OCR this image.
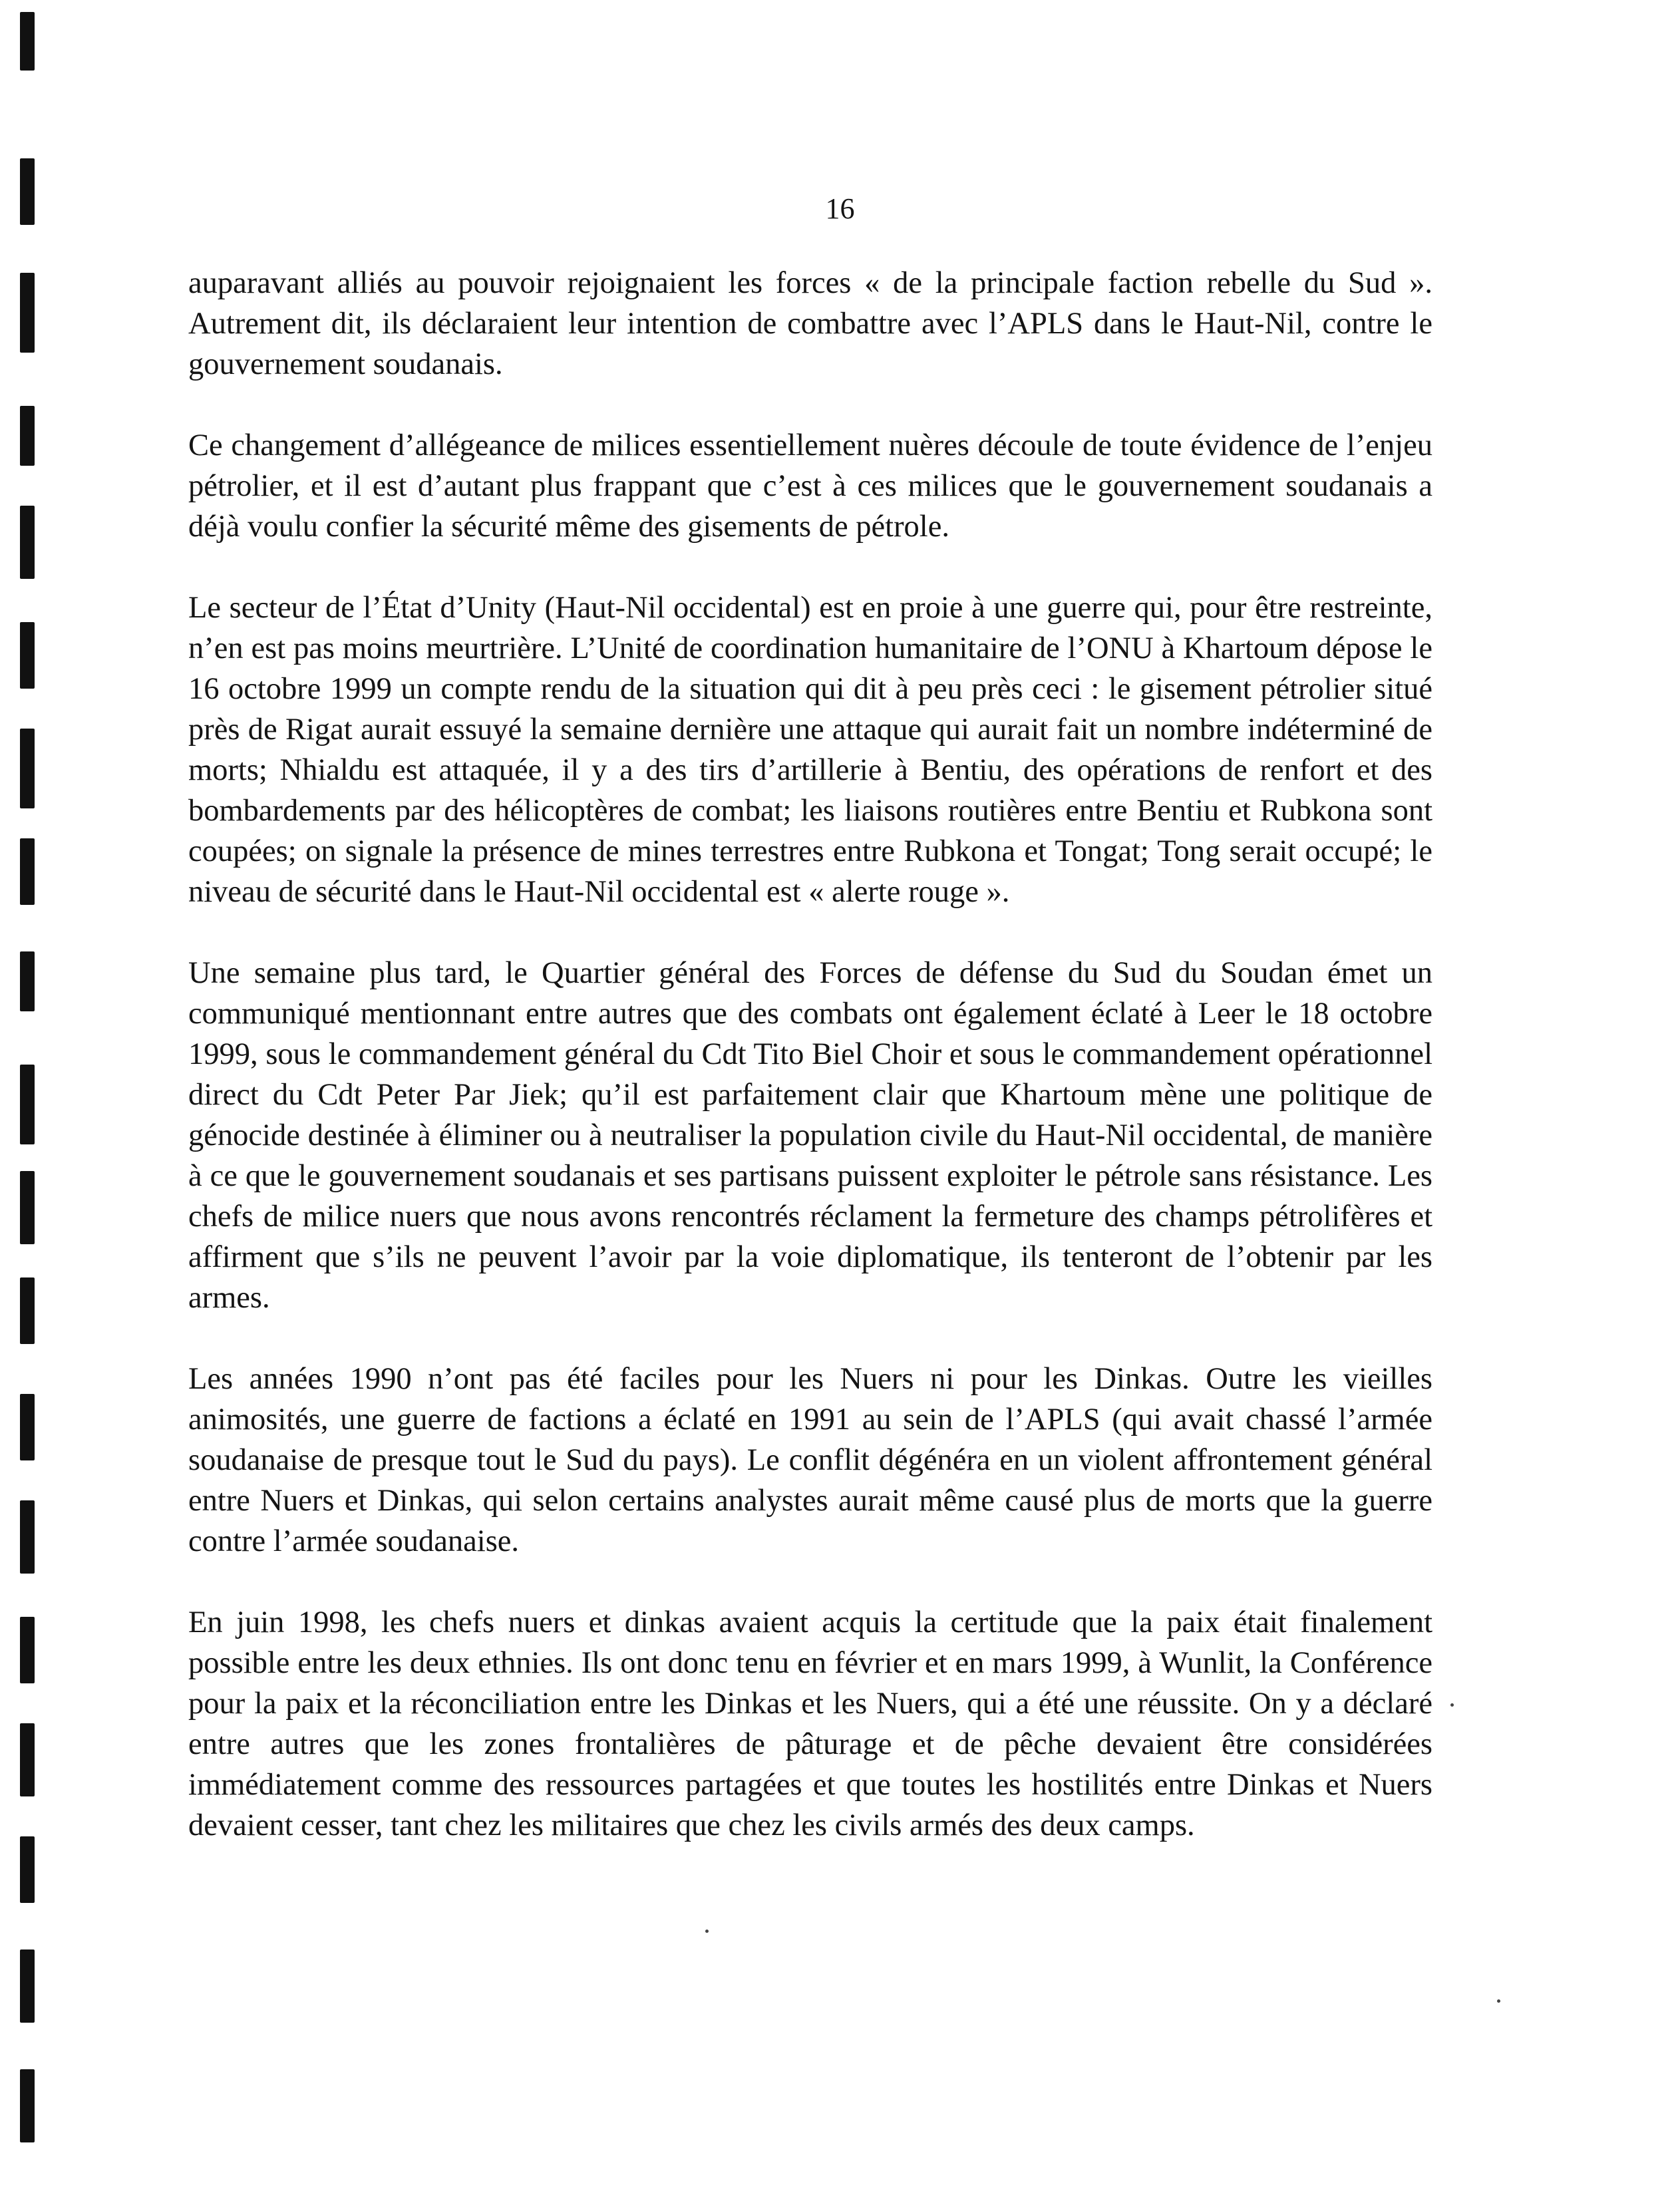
16

auparavant alliés au pouvoir rejoignaient les forces « de la principale faction rebelle du Sud ». Autrement dit, ils déclaraient leur intention de combattre avec l’APLS dans le Haut-Nil, contre le gouvernement soudanais.

Ce changement d’allégeance de milices essentiellement nuères découle de toute évidence de l’enjeu pétrolier, et il est d’autant plus frappant que c’est à ces milices que le gouvernement soudanais a déjà voulu confier la sécurité même des gisements de pétrole.

Le secteur de l’État d’Unity (Haut-Nil occidental) est en proie à une guerre qui, pour être restreinte, n’en est pas moins meurtrière. L’Unité de coordination humanitaire de l’ONU à Khartoum dépose le 16 octobre 1999 un compte rendu de la situation qui dit à peu près ceci : le gisement pétrolier situé près de Rigat aurait essuyé la semaine dernière une attaque qui aurait fait un nombre indéterminé de morts; Nhialdu est attaquée, il y a des tirs d’artillerie à Bentiu, des opérations de renfort et des bombardements par des hélicoptères de combat; les liaisons routières entre Bentiu et Rubkona sont coupées; on signale la présence de mines terrestres entre Rubkona et Tongat; Tong serait occupé; le niveau de sécurité dans le Haut-Nil occidental est « alerte rouge ».

Une semaine plus tard, le Quartier général des Forces de défense du Sud du Soudan émet un communiqué mentionnant entre autres que des combats ont également éclaté à Leer le 18 octobre 1999, sous le commandement général du Cdt Tito Biel Choir et sous le commandement opérationnel direct du Cdt Peter Par Jiek; qu’il est parfaitement clair que Khartoum mène une politique de génocide destinée à éliminer ou à neutraliser la population civile du Haut-Nil occidental, de manière à ce que le gouvernement soudanais et ses partisans puissent exploiter le pétrole sans résistance. Les chefs de milice nuers que nous avons rencontrés réclament la fermeture des champs pétrolifères et affirment que s’ils ne peuvent l’avoir par la voie diplomatique, ils tenteront de l’obtenir par les armes.

Les années 1990 n’ont pas été faciles pour les Nuers ni pour les Dinkas. Outre les vieilles animosités, une guerre de factions a éclaté en 1991 au sein de l’APLS (qui avait chassé l’armée soudanaise de presque tout le Sud du pays). Le conflit dégénéra en un violent affrontement général entre Nuers et Dinkas, qui selon certains analystes aurait même causé plus de morts que la guerre contre l’armée soudanaise.

En juin 1998, les chefs nuers et dinkas avaient acquis la certitude que la paix était finalement possible entre les deux ethnies. Ils ont donc tenu en février et en mars 1999, à Wunlit, la Conférence pour la paix et la réconciliation entre les Dinkas et les Nuers, qui a été une réussite. On y a déclaré entre autres que les zones frontalières de pâturage et de pêche devaient être considérées immédiatement comme des ressources partagées et que toutes les hostilités entre Dinkas et Nuers devaient cesser, tant chez les militaires que chez les civils armés des deux camps.
